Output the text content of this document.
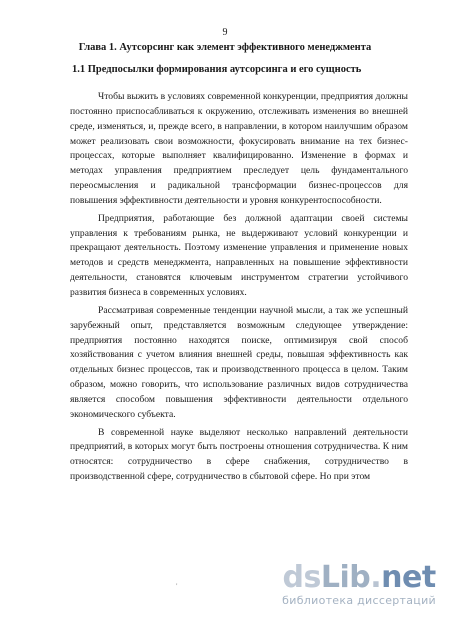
9
Глава 1. Аутсорсинг как элемент эффективного менеджмента
1.1 Предпосылки формирования аутсорсинга и его сущность

Чтобы выжить в условиях современной конкуренции, предприятия должны постоянно приспосабливаться к окружению, отслеживать изменения во внешней среде, изменяться, и, прежде всего, в направлении, в котором наилучшим образом может реализовать свои возможности, фокусировать внимание на тех бизнес-процессах, которые выполняет квалифицированно. Изменение в формах и методах управления предприятием преследует цель фундаментального переосмысления и радикальной трансформации бизнес-процессов для повышения эффективности деятельности и уровня конкурентоспособности.

Предприятия, работающие без должной адаптации своей системы управления к требованиям рынка, не выдерживают условий конкуренции и прекращают деятельность. Поэтому изменение управления и применение новых методов и средств менеджмента, направленных на повышение эффективности деятельности, становятся ключевым инструментом стратегии устойчивого развития бизнеса в современных условиях.

Рассматривая современные тенденции научной мысли, а так же успешный зарубежный опыт, представляется возможным следующее утверждение: предприятия постоянно находятся поиске, оптимизируя свой способ хозяйствования с учетом влияния внешней среды, повышая эффективность как отдельных бизнес процессов, так и производственного процесса в целом. Таким образом, можно говорить, что использование различных видов сотрудничества является способом повышения эффективности деятельности отдельного экономического субъекта.

В современной науке выделяют несколько направлений деятельности предприятий, в которых могут быть построены отношения сотрудничества. К ним относятся: сотрудничество в сфере снабжения, сотрудничество в производственной сфере, сотрудничество в сбытовой сфере. Но при этом

,	dsLib.net
библиотека диссертаций
